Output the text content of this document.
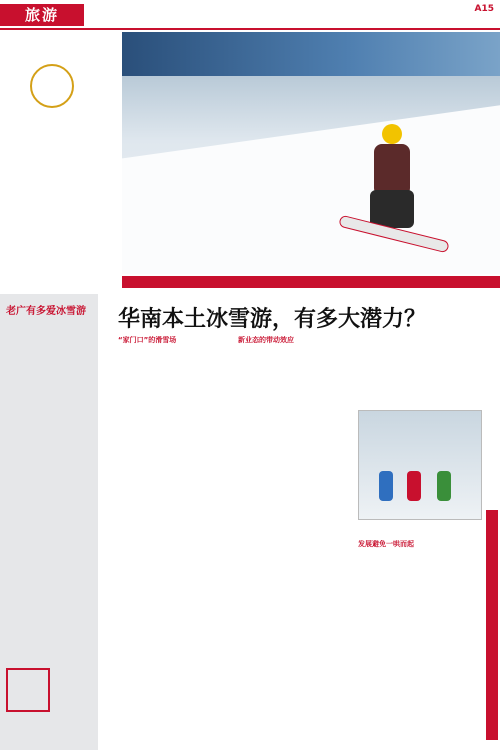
旅游	A15
老广有多爱冰雪游 华南本土冰雪游，有多大潜力？
“家门口”的滑雪场	新业态的带动效应

发展避免一哄而起
